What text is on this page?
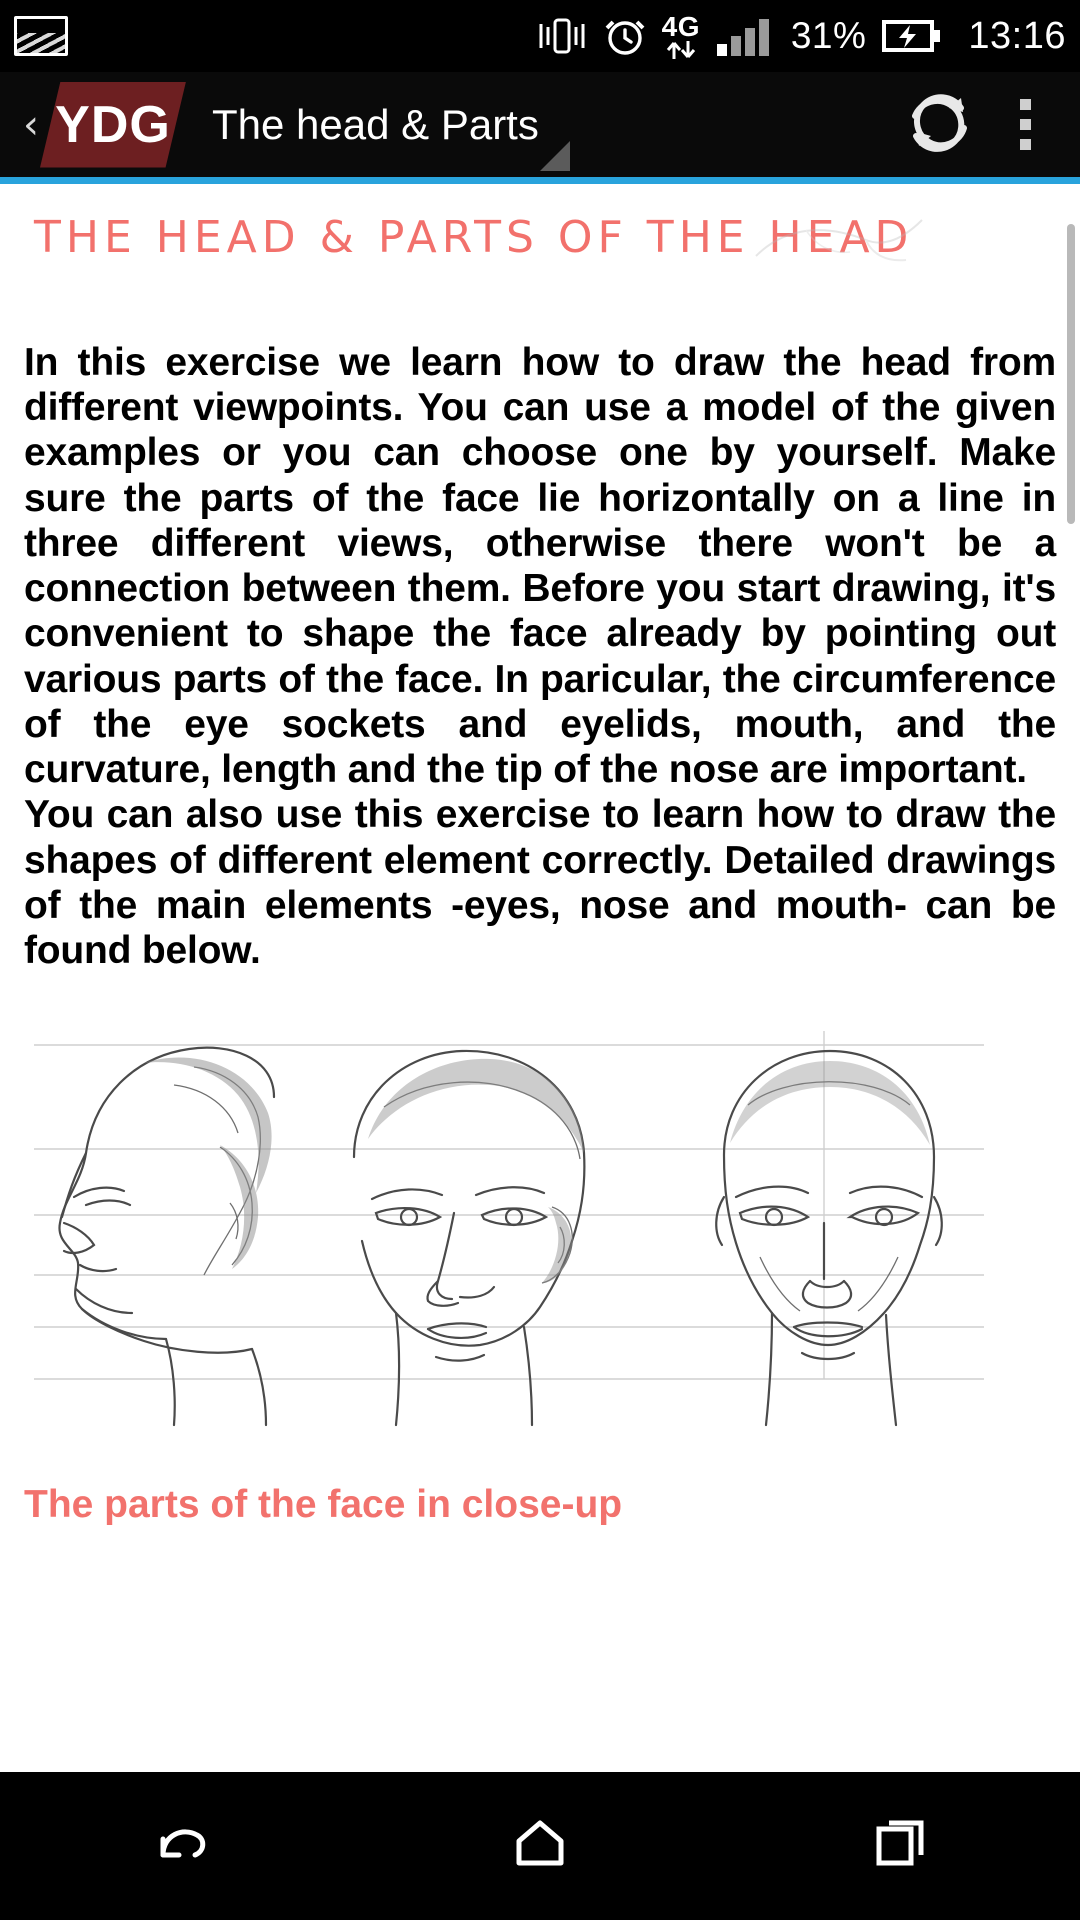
4G 31%	13:16
‹ YDG The head & Parts
THE HEAD & PARTS OF THE HEAD

In this exercise we learn how to draw the head from different viewpoints. You can use a model of the given examples or you can choose one by yourself. Make sure the parts of the face lie horizontally on a line in three different views, otherwise there won't be a connection between them. Before you start drawing, it's convenient to shape the face already by pointing out various parts of the face. In paricular, the circumference of the eye sockets and eyelids, mouth, and the curvature, length and the tip of the nose are important.

You can also use this exercise to learn how to draw the shapes of different element correctly. Detailed drawings of the main elements -eyes, nose and mouth- can be found below.

The parts of the face in close-up
